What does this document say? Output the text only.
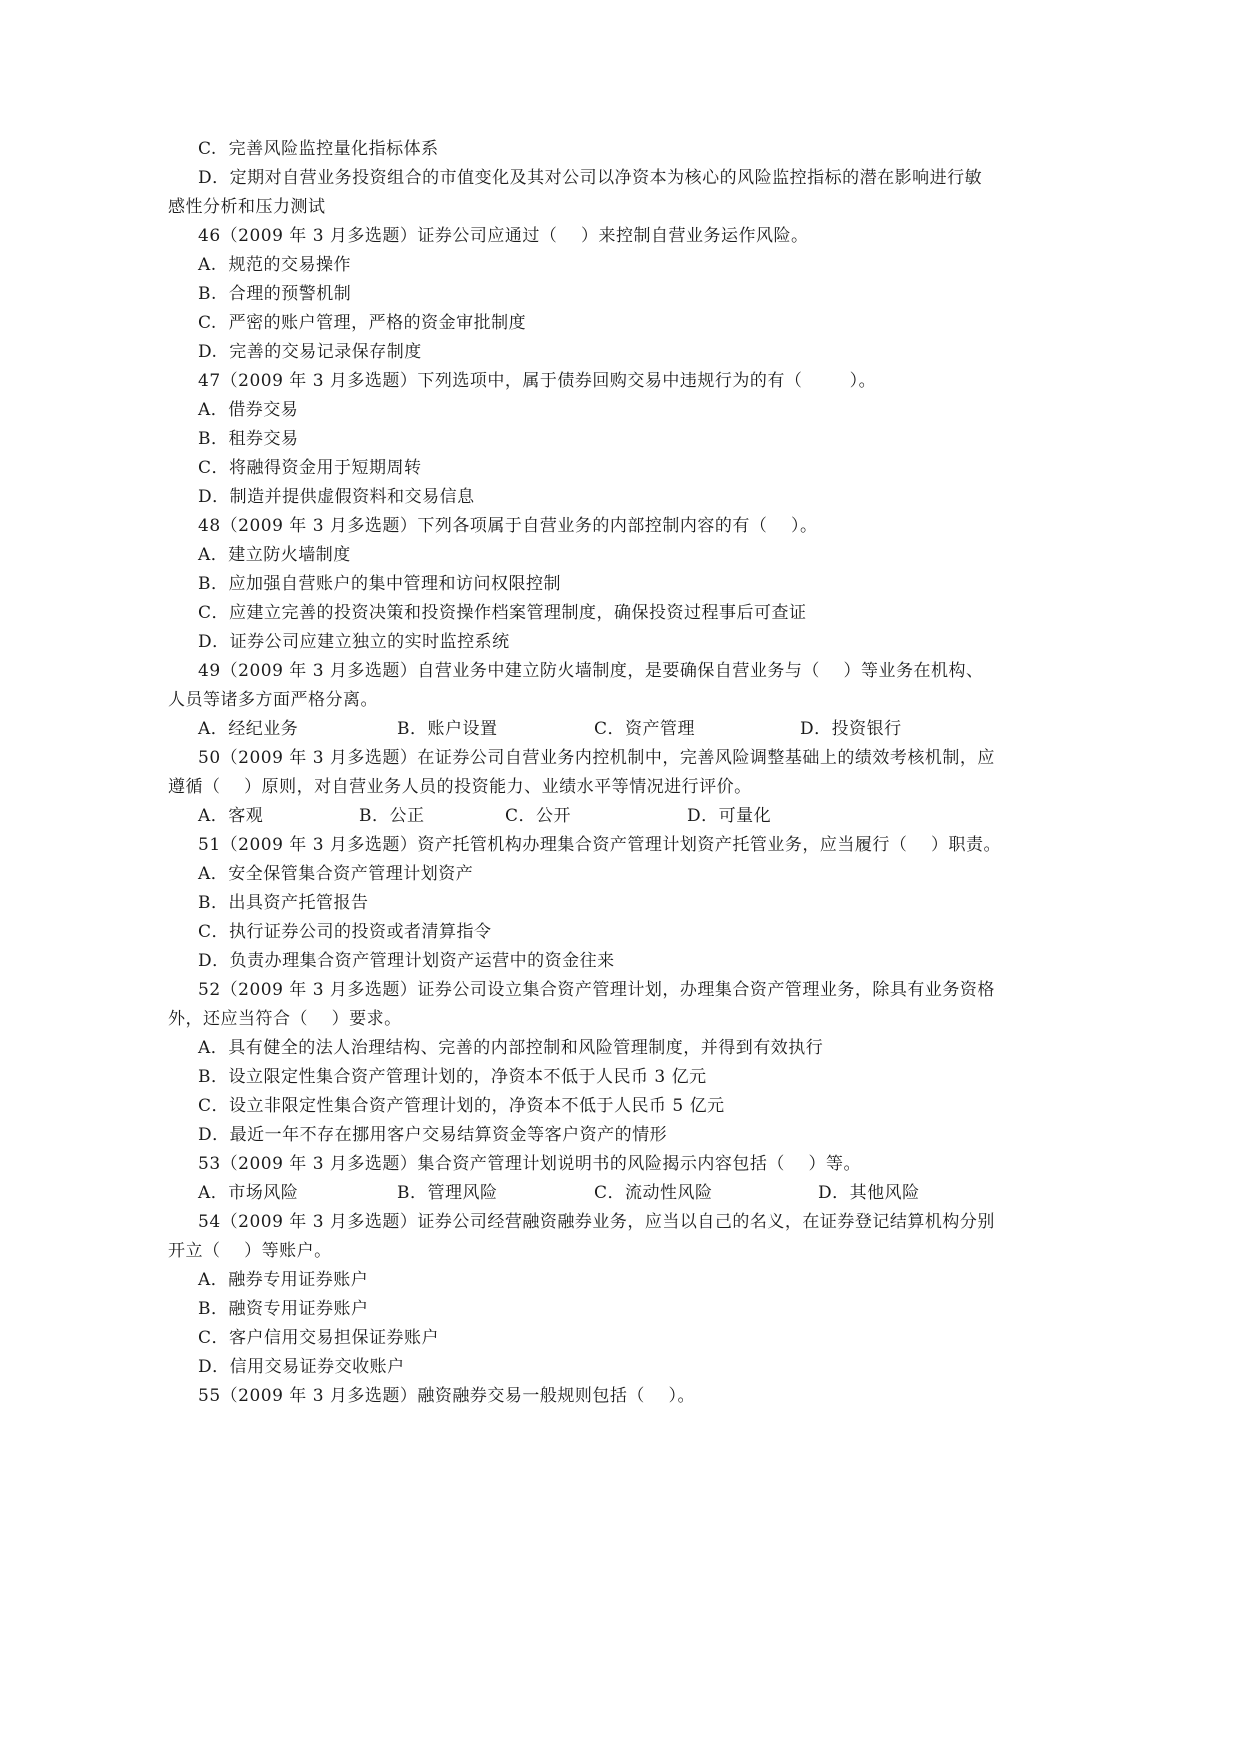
C.  完善风险监控量化指标体系
D．定期对自营业务投资组合的市值变化及其对公司以净资本为核心的风险监控指标的潜在影响进行敏
感性分析和压力测试
46（2009 年 3 月多选题）证券公司应通过（    ）来控制自营业务运作风险。
A.  规范的交易操作
B.  合理的预警机制
C.  严密的账户管理，严格的资金审批制度
D.  完善的交易记录保存制度
47（2009 年 3 月多选题）下列选项中，属于债券回购交易中违规行为的有（        ）。
A．借券交易
B．租券交易
C．将融得资金用于短期周转
D．制造并提供虚假资料和交易信息
48（2009 年 3 月多选题）下列各项属于自营业务的内部控制内容的有（    ）。
A．建立防火墙制度
B．应加强自营账户的集中管理和访问权限控制
C．应建立完善的投资决策和投资操作档案管理制度，确保投资过程事后可查证
D．证券公司应建立独立的实时监控系统
49（2009 年 3 月多选题）自营业务中建立防火墙制度，是要确保自营业务与（    ）等业务在机构、
人员等诸多方面严格分离。
A．经纪业务	B．账户设置	C．资产管理	D．投资银行
50（2009 年 3 月多选题）在证券公司自营业务内控机制中，完善风险调整基础上的绩效考核机制，应
遵循（    ）原则，对自营业务人员的投资能力、业绩水平等情况进行评价。
A．客观	B．公正	C．公开	D．可量化
51（2009 年 3 月多选题）资产托管机构办理集合资产管理计划资产托管业务，应当履行（    ）职责。
A．安全保管集合资产管理计划资产
B．出具资产托管报告
C．执行证券公司的投资或者清算指令
D．负责办理集合资产管理计划资产运营中的资金往来
52（2009 年 3 月多选题）证券公司设立集合资产管理计划，办理集合资产管理业务，除具有业务资格
外，还应当符合（    ）要求。
A．具有健全的法人治理结构、完善的内部控制和风险管理制度，并得到有效执行
B．设立限定性集合资产管理计划的，净资本不低于人民币 3 亿元
C．设立非限定性集合资产管理计划的，净资本不低于人民币 5 亿元
D．最近一年不存在挪用客户交易结算资金等客户资产的情形
53（2009 年 3 月多选题）集合资产管理计划说明书的风险揭示内容包括（    ）等。
A．市场风险	B．管理风险	C．流动性风险	D．其他风险
54（2009 年 3 月多选题）证券公司经营融资融券业务，应当以自己的名义，在证券登记结算机构分别
开立（    ）等账户。
A．融券专用证券账户
B．融资专用证券账户
C．客户信用交易担保证券账户
D．信用交易证券交收账户
55（2009 年 3 月多选题）融资融券交易一般规则包括（    ）。
